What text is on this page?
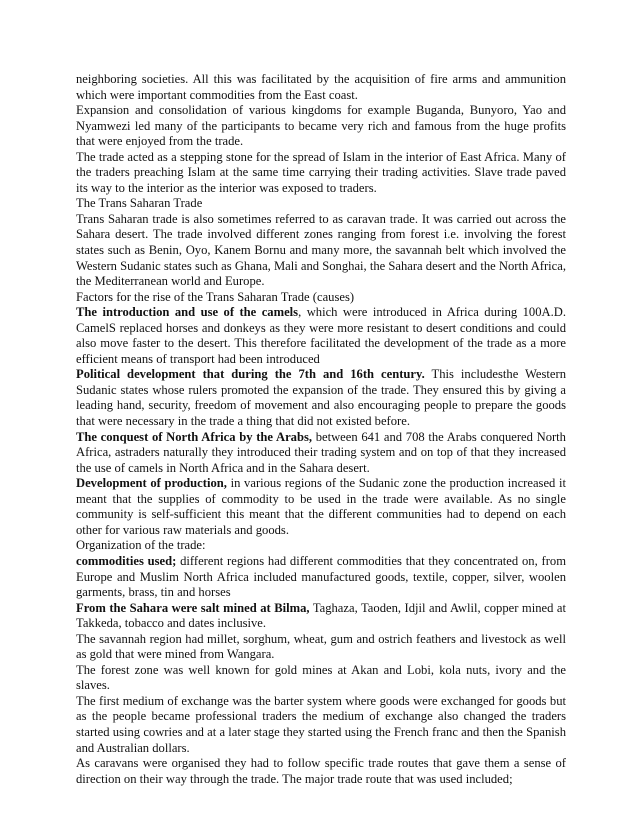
neighboring societies. All this was facilitated by the acquisition of fire arms and ammunition which were important commodities from the East coast.

Expansion and consolidation of various kingdoms for example Buganda, Bunyoro, Yao and Nyamwezi led many of the participants to became very rich and famous from the huge profits that were enjoyed from the trade.

The trade acted as a stepping stone for the spread of Islam in the interior of East Africa. Many of the traders preaching Islam at the same time carrying their trading activities. Slave trade paved its way to the interior as the interior was exposed to traders.

The Trans Saharan Trade

Trans Saharan trade is also sometimes referred to as caravan trade. It was carried out across the Sahara desert. The trade involved different zones ranging from forest i.e. involving the forest states such as Benin, Oyo, Kanem Bornu and many more, the savannah belt which involved the Western Sudanic states such as Ghana, Mali and Songhai, the Sahara desert and the North Africa, the Mediterranean world and Europe.

Factors for the rise of the Trans Saharan Trade (causes)

The introduction and use of the camels, which were introduced in Africa during 100A.D. CamelS replaced horses and donkeys as they were more resistant to desert conditions and could also move faster to the desert. This therefore facilitated the development of the trade as a more efficient means of transport had been introduced

Political development that during the 7th and 16th century. This includesthe Western Sudanic states whose rulers promoted the expansion of the trade. They ensured this by giving a leading hand, security, freedom of movement and also encouraging people to prepare the goods that were necessary in the trade a thing that did not existed before.

The conquest of North Africa by the Arabs, between 641 and 708 the Arabs conquered North Africa, astraders naturally they introduced their trading system and on top of that they increased the use of camels in North Africa and in the Sahara desert.

Development of production, in various regions of the Sudanic zone the production increased it meant that the supplies of commodity to be used in the trade were available. As no single community is self-sufficient this meant that the different communities had to depend on each other for various raw materials and goods.

Organization of the trade:

commodities used; different regions had different commodities that they concentrated on, from Europe and Muslim North Africa included manufactured goods, textile, copper, silver, woolen garments, brass, tin and horses

From the Sahara were salt mined at Bilma, Taghaza, Taoden, Idjil and Awlil, copper mined at Takkeda, tobacco and dates inclusive.

The savannah region had millet, sorghum, wheat, gum and ostrich feathers and livestock as well as gold that were mined from Wangara.

The forest zone was well known for gold mines at Akan and Lobi, kola nuts, ivory and the slaves.

The first medium of exchange was the barter system where goods were exchanged for goods but as the people became professional traders the medium of exchange also changed the traders started using cowries and at a later stage they started using the French franc and then the Spanish and Australian dollars.

As caravans were organised they had to follow specific trade routes that gave them a sense of direction on their way through the trade. The major trade route that was used included;
